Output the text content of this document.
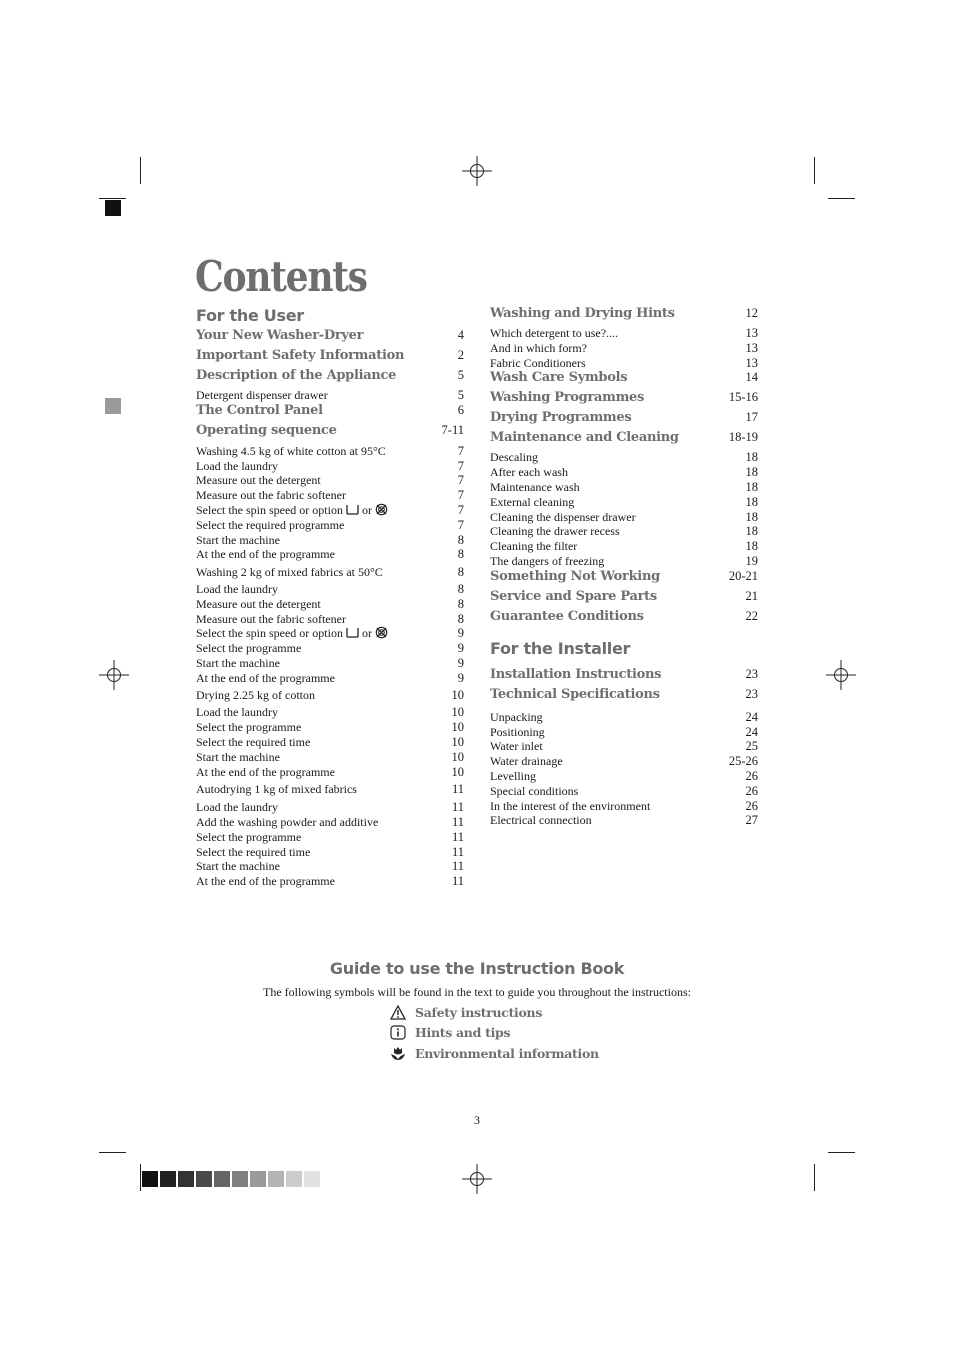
Contents
For the User
Your New Washer-Dryer	4
Important Safety Information	2
Description of the Appliance	5
Detergent dispenser drawer	5
The Control Panel	6
Operating sequence	7-11
Washing 4.5 kg of white cotton at 95°C	7
Load the laundry	7
Measure out the detergent	7
Measure out the fabric softener	7
Select the spin speed or option  or	7
Select the required programme	7
Start the machine	8
At the end of the programme	8
Washing 2 kg of mixed fabrics at 50°C	8
Load the laundry	8
Measure out the detergent	8
Measure out the fabric softener	8
Select the spin speed or option  or	9
Select the programme	9
Start the machine	9
At the end of the programme	9
Drying 2.25 kg of cotton	10
Load the laundry	10
Select the programme	10
Select the required time	10
Start the machine	10
At the end of the programme	10
Autodrying 1 kg of mixed fabrics	11
Load the laundry	11
Add the washing powder and additive	11
Select the programme	11
Select the required time	11
Start the machine	11
At the end of the programme	11
Washing and Drying Hints	12
Which detergent to use?....	13
And in which form?	13
Fabric Conditioners	13
Wash Care Symbols	14
Washing Programmes	15-16
Drying Programmes	17
Maintenance and Cleaning	18-19
Descaling	18
After each wash	18
Maintenance wash	18
External cleaning	18
Cleaning the dispenser drawer	18
Cleaning the drawer recess	18
Cleaning the filter	18
The dangers of freezing	19
Something Not Working	20-21
Service and Spare Parts	21
Guarantee Conditions	22
For the Installer
Installation Instructions	23
Technical Specifications	23
Unpacking	24
Positioning	24
Water inlet	25
Water drainage	25-26
Levelling	26
Special conditions	26
In the interest of the environment	26
Electrical connection	27
Guide to use the Instruction Book
The following symbols will be found in the text to guide you throughout the instructions:
Safety instructions
Hints and tips
Environmental information
3
